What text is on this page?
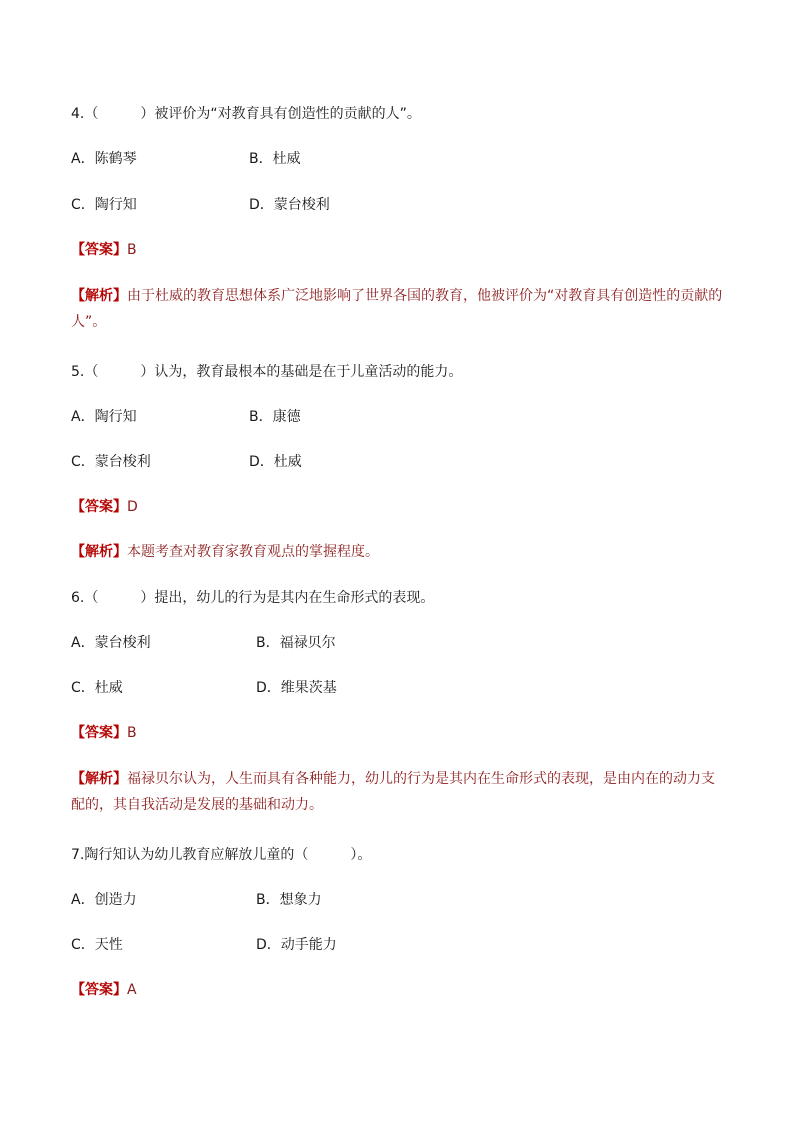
4.（　　　）被评价为“对教育具有创造性的贡献的人”。
A．陈鹤琴	B．杜威
C．陶行知	D．蒙台梭利
【答案】B
【解析】由于杜威的教育思想体系广泛地影响了世界各国的教育，他被评价为“对教育具有创造性的贡献的人”。
5.（　　　）认为，教育最根本的基础是在于儿童活动的能力。
A．陶行知	B．康德
C．蒙台梭利	D．杜威
【答案】D
【解析】本题考查对教育家教育观点的掌握程度。
6.（　　　）提出，幼儿的行为是其内在生命形式的表现。
A．蒙台梭利	B．福禄贝尔
C．杜威	D．维果茨基
【答案】B
【解析】福禄贝尔认为，人生而具有各种能力，幼儿的行为是其内在生命形式的表现，是由内在的动力支配的，其自我活动是发展的基础和动力。
7.陶行知认为幼儿教育应解放儿童的（　　　）。
A．创造力	B．想象力
C．天性	D．动手能力
【答案】A
